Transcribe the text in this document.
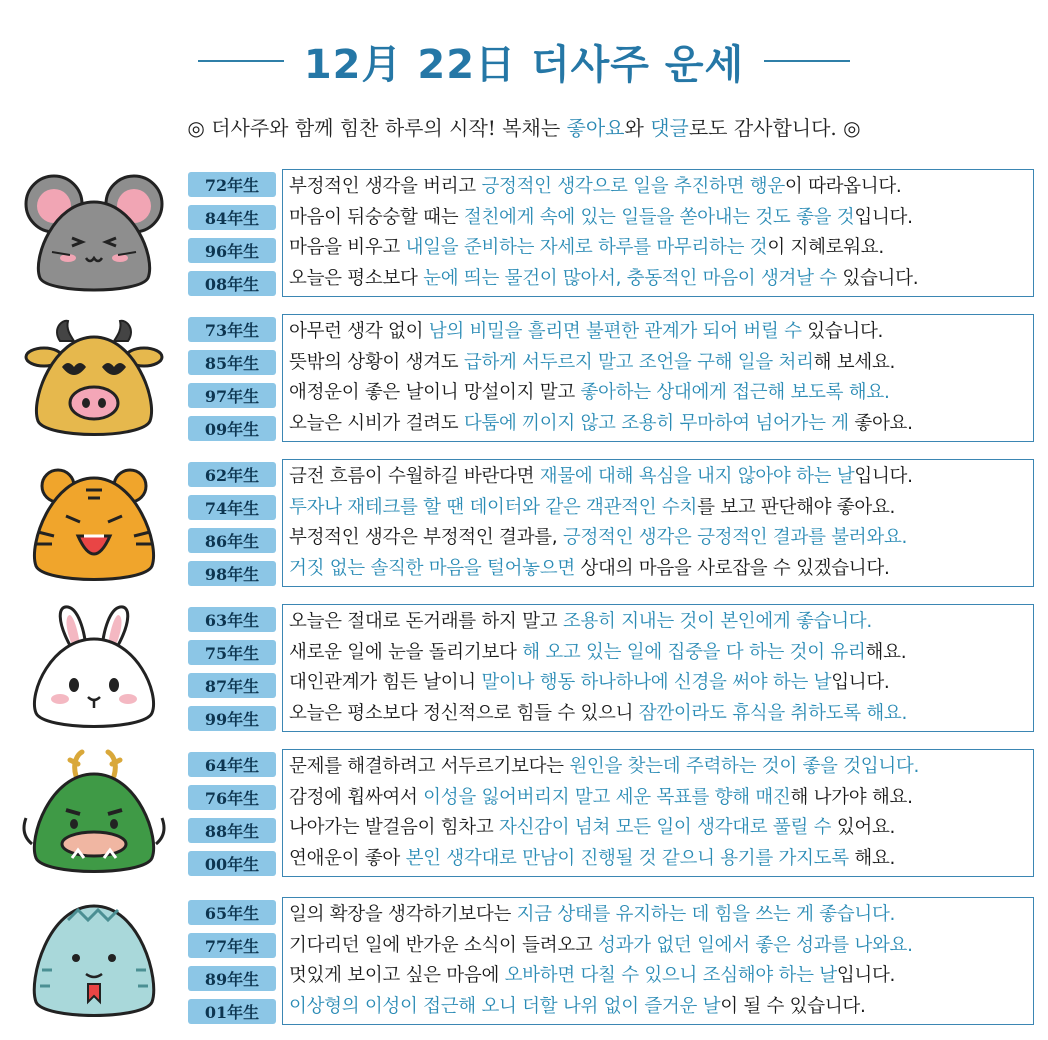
12月 22日 더사주 운세
◎ 더사주와 함께 힘찬 하루의 시작! 복채는 좋아요와 댓글로도 감사합니다. ◎
72年生
84年生
96年生
08年生
부정적인 생각을 버리고 긍정적인 생각으로 일을 추진하면 행운이 따라옵니다.
마음이 뒤숭숭할 때는 절친에게 속에 있는 일들을 쏟아내는 것도 좋을 것입니다.
마음을 비우고 내일을 준비하는 자세로 하루를 마무리하는 것이 지혜로워요.
오늘은 평소보다 눈에 띄는 물건이 많아서, 충동적인 마음이 생겨날 수 있습니다.
73年生
85年生
97年生
09年生
아무런 생각 없이 남의 비밀을 흘리면 불편한 관계가 되어 버릴 수 있습니다.
뜻밖의 상황이 생겨도 급하게 서두르지 말고 조언을 구해 일을 처리해 보세요.
애정운이 좋은 날이니 망설이지 말고 좋아하는 상대에게 접근해 보도록 해요.
오늘은 시비가 걸려도 다툼에 끼이지 않고 조용히 무마하여 넘어가는 게 좋아요.
62年生
74年生
86年生
98年生
금전 흐름이 수월하길 바란다면 재물에 대해 욕심을 내지 않아야 하는 날입니다.
투자나 재테크를 할 땐 데이터와 같은 객관적인 수치를 보고 판단해야 좋아요.
부정적인 생각은 부정적인 결과를, 긍정적인 생각은 긍정적인 결과를 불러와요.
거짓 없는 솔직한 마음을 털어놓으면 상대의 마음을 사로잡을 수 있겠습니다.
63年生
75年生
87年生
99年生
오늘은 절대로 돈거래를 하지 말고 조용히 지내는 것이 본인에게 좋습니다.
새로운 일에 눈을 돌리기보다 해 오고 있는 일에 집중을 다 하는 것이 유리해요.
대인관계가 힘든 날이니 말이나 행동 하나하나에 신경을 써야 하는 날입니다.
오늘은 평소보다 정신적으로 힘들 수 있으니 잠깐이라도 휴식을 취하도록 해요.
64年生
76年生
88年生
00年生
문제를 해결하려고 서두르기보다는 원인을 찾는데 주력하는 것이 좋을 것입니다.
감정에 휩싸여서 이성을 잃어버리지 말고 세운 목표를 향해 매진해 나가야 해요.
나아가는 발걸음이 힘차고 자신감이 넘쳐 모든 일이 생각대로 풀릴 수 있어요.
연애운이 좋아 본인 생각대로 만남이 진행될 것 같으니 용기를 가지도록 해요.
65年生
77年生
89年生
01年生
일의 확장을 생각하기보다는 지금 상태를 유지하는 데 힘을 쓰는 게 좋습니다.
기다리던 일에 반가운 소식이 들려오고 성과가 없던 일에서 좋은 성과를 나와요.
멋있게 보이고 싶은 마음에 오바하면 다칠 수 있으니 조심해야 하는 날입니다.
이상형의 이성이 접근해 오니 더할 나위 없이 즐거운 날이 될 수 있습니다.
